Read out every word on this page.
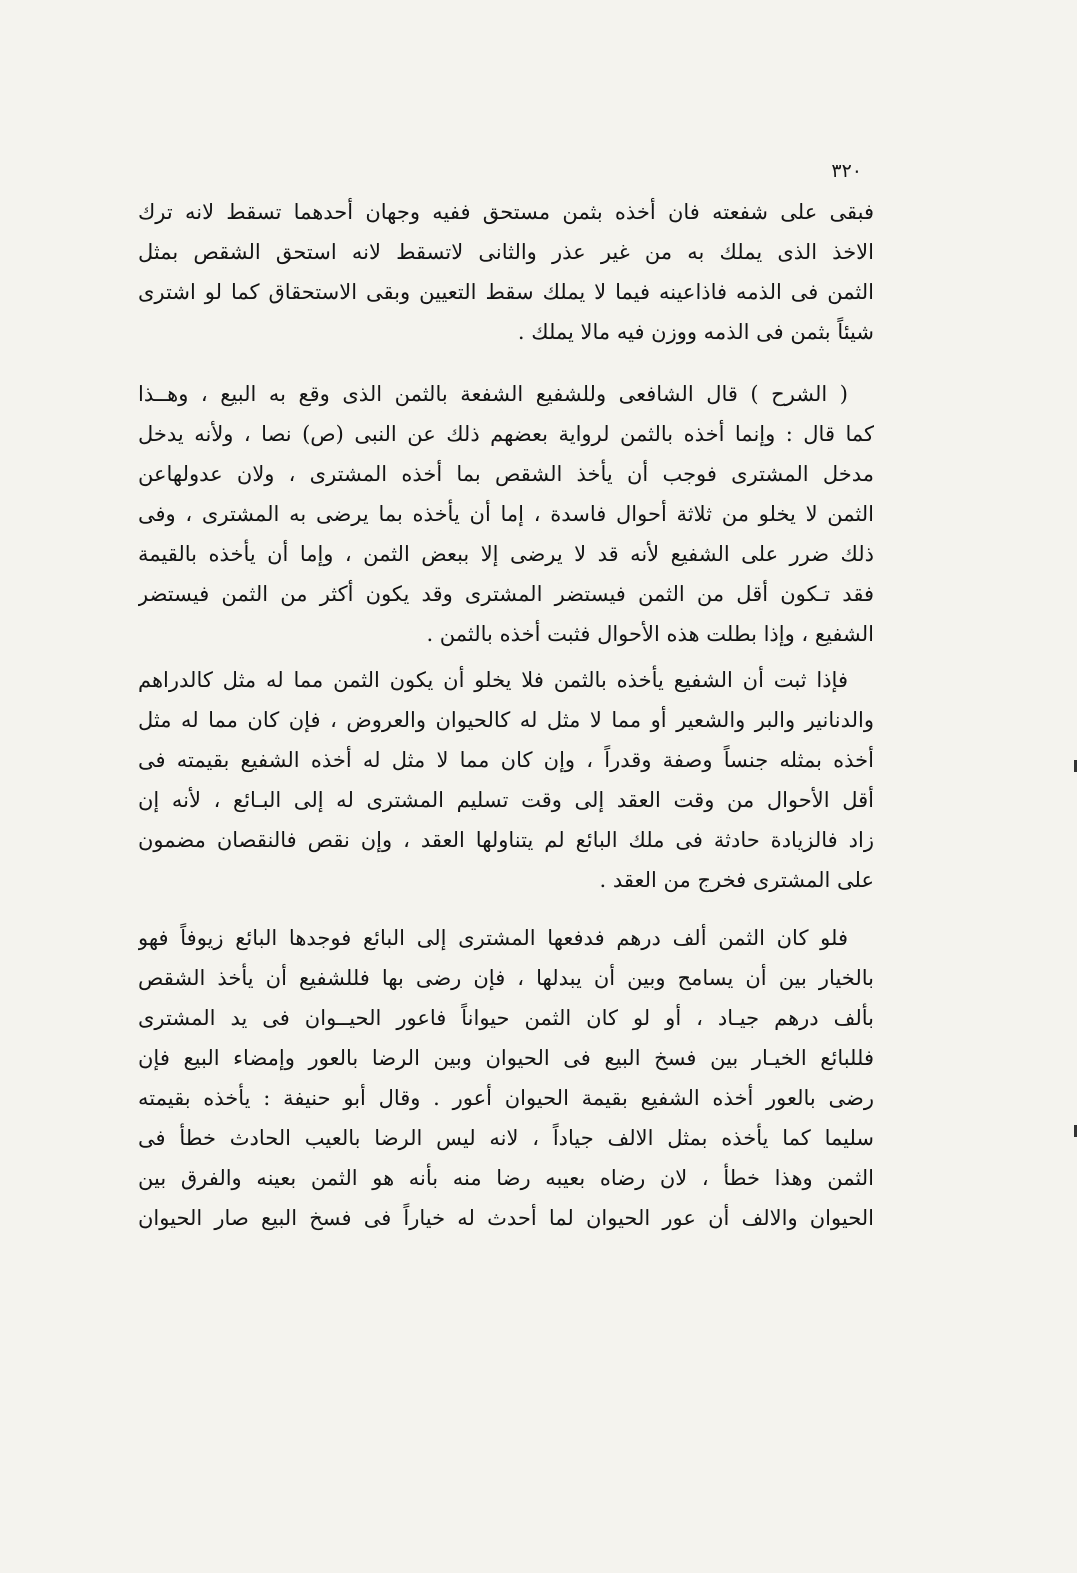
٣٢٠
فبقى على شفعته فان أخذه بثمن مستحق ففيه وجهان أحدهما تسقط لانه ترك
الاخذ الذى يملك به من غير عذر والثانى لاتسقط لانه استحق الشقص بمثل
الثمن فى الذمه فاذاعينه فيما لا يملك سقط التعيين وبقى الاستحقاق كما لو اشترى
شيئاً بثمن فى الذمه ووزن فيه مالا يملك .
( الشرح ) قال الشافعى وللشفيع الشفعة بالثمن الذى وقع به البيع ، وهــذا
كما قال : وإنما أخذه بالثمن لرواية بعضهم ذلك عن النبى (ص) نصا ، ولأنه يدخل
مدخل المشترى فوجب أن يأخذ الشقص بما أخذه المشترى ، ولان عدولهاعن
الثمن لا يخلو من ثلاثة أحوال فاسدة ، إما أن يأخذه بما يرضى به المشترى ، وفى
ذلك ضرر على الشفيع لأنه قد لا يرضى إلا ببعض الثمن ، وإما أن يأخذه بالقيمة
فقد تـكون أقل من الثمن فيستضر المشترى وقد يكون أكثر من الثمن فيستضر
الشفيع ، وإذا بطلت هذه الأحوال فثبت أخذه بالثمن .
فإذا ثبت أن الشفيع يأخذه بالثمن فلا يخلو أن يكون الثمن مما له مثل كالدراهم
والدنانير والبر والشعير أو مما لا مثل له كالحيوان والعروض ، فإن كان مما له مثل
أخذه بمثله جنساً وصفة وقدراً ، وإن كان مما لا مثل له أخذه الشفيع بقيمته فى
أقل الأحوال من وقت العقد إلى وقت تسليم المشترى له إلى البـائع ، لأنه إن
زاد فالزيادة حادثة فى ملك البائع لم يتناولها العقد ، وإن نقص فالنقصان مضمون
على المشترى فخرج من العقد .
فلو كان الثمن ألف درهم فدفعها المشترى إلى البائع فوجدها البائع زيوفاً فهو
بالخيار بين أن يسامح وبين أن يبدلها ، فإن رضى بها فللشفيع أن يأخذ الشقص
بألف درهم جيـاد ، أو لو كان الثمن حيواناً فاعور الحيــوان فى يد المشترى
فللبائع الخيـار بين فسخ البيع فى الحيوان وبين الرضا بالعور وإمضاء البيع فإن
رضى بالعور أخذه الشفيع بقيمة الحيوان أعور . وقال أبو حنيفة : يأخذه بقيمته
سليما كما يأخذه بمثل الالف جياداً ، لانه ليس الرضا بالعيب الحادث خطأ فى
الثمن وهذا خطأ ، لان رضاه بعيبه رضا منه بأنه هو الثمن بعينه والفرق بين
الحيوان والالف أن عور الحيوان لما أحدث له خياراً فى فسخ البيع صار الحيوان
